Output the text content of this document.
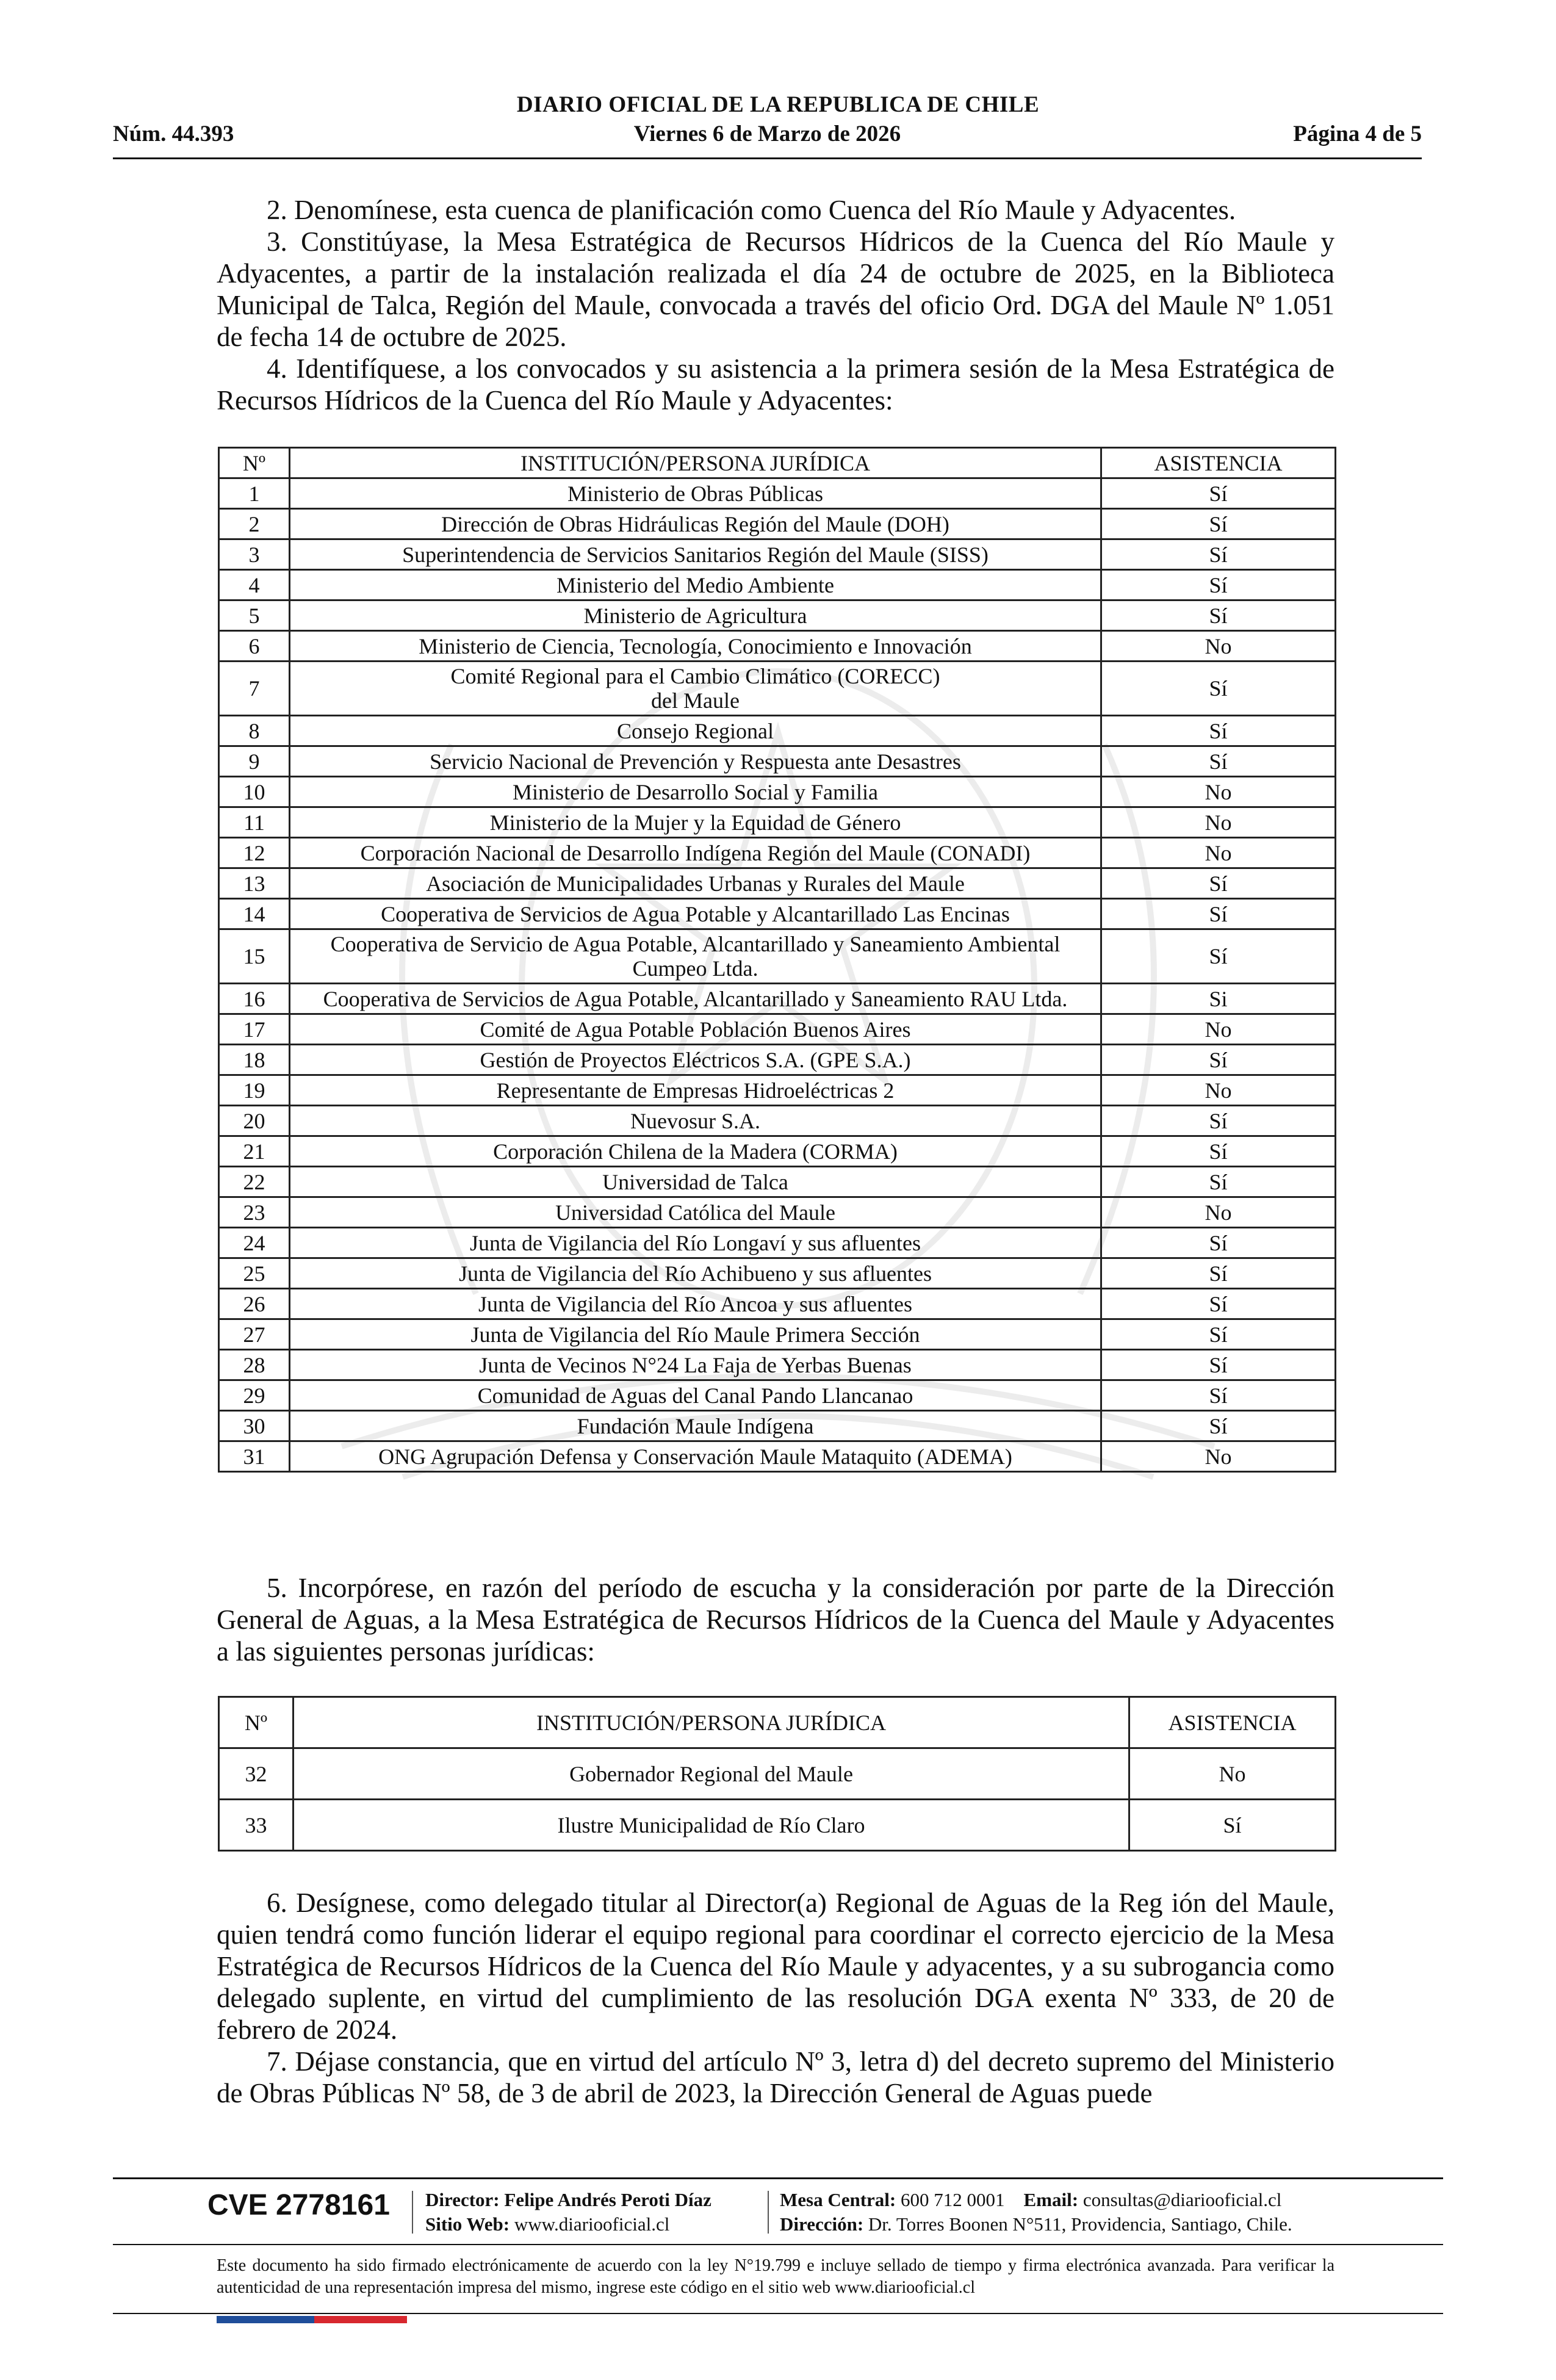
DIARIO OFICIAL DE LA REPUBLICA DE CHILE
Núm. 44.393	Viernes 6 de Marzo de 2026	Página 4 de 5

2. Denomínese, esta cuenca de planificación como Cuenca del Río Maule y Adyacentes.

3. Constitúyase, la Mesa Estratégica de Recursos Hídricos de la Cuenca del Río Maule y Adyacentes, a partir de la instalación realizada el día 24 de octubre de 2025, en la Biblioteca Municipal de Talca, Región del Maule, convocada a través del oficio Ord. DGA del Maule Nº 1.051 de fecha 14 de octubre de 2025.

4. Identifíquese, a los convocados y su asistencia a la primera sesión de la Mesa Estratégica de Recursos Hídricos de la Cuenca del Río Maule y Adyacentes:

Nº	INSTITUCIÓN/PERSONA JURÍDICA	ASISTENCIA
1	Ministerio de Obras Públicas	Sí
2	Dirección de Obras Hidráulicas Región del Maule (DOH)	Sí
3	Superintendencia de Servicios Sanitarios Región del Maule (SISS)	Sí
4	Ministerio del Medio Ambiente	Sí
5	Ministerio de Agricultura	Sí
6	Ministerio de Ciencia, Tecnología, Conocimiento e Innovación	No
7	Comité Regional para el Cambio Climático (CORECC)
del Maule	Sí
8	Consejo Regional	Sí
9	Servicio Nacional de Prevención y Respuesta ante Desastres	Sí
10	Ministerio de Desarrollo Social y Familia	No
11	Ministerio de la Mujer y la Equidad de Género	No
12	Corporación Nacional de Desarrollo Indígena Región del Maule (CONADI)	No
13	Asociación de Municipalidades Urbanas y Rurales del Maule	Sí
14	Cooperativa de Servicios de Agua Potable y Alcantarillado Las Encinas	Sí
15	Cooperativa de Servicio de Agua Potable, Alcantarillado y Saneamiento Ambiental
Cumpeo Ltda.	Sí
16	Cooperativa de Servicios de Agua Potable, Alcantarillado y Saneamiento RAU Ltda.	Si
17	Comité de Agua Potable Población Buenos Aires	No
18	Gestión de Proyectos Eléctricos S.A. (GPE S.A.)	Sí
19	Representante de Empresas Hidroeléctricas 2	No
20	Nuevosur S.A.	Sí
21	Corporación Chilena de la Madera (CORMA)	Sí
22	Universidad de Talca	Sí
23	Universidad Católica del Maule	No
24	Junta de Vigilancia del Río Longaví y sus afluentes	Sí
25	Junta de Vigilancia del Río Achibueno y sus afluentes	Sí
26	Junta de Vigilancia del Río Ancoa y sus afluentes	Sí
27	Junta de Vigilancia del Río Maule Primera Sección	Sí
28	Junta de Vecinos N°24 La Faja de Yerbas Buenas	Sí
29	Comunidad de Aguas del Canal Pando Llancanao	Sí
30	Fundación Maule Indígena	Sí
31	ONG Agrupación Defensa y Conservación Maule Mataquito (ADEMA)	No

5. Incorpórese, en razón del período de escucha y la consideración por parte de la Dirección General de Aguas, a la Mesa Estratégica de Recursos Hídricos de la Cuenca del Maule y Adyacentes a las siguientes personas jurídicas:

Nº	INSTITUCIÓN/PERSONA JURÍDICA	ASISTENCIA
32	Gobernador Regional del Maule	No
33	Ilustre Municipalidad de Río Claro	Sí

6. Desígnese, como delegado titular al Director(a) Regional de Aguas de la Reg ión del Maule, quien tendrá como función liderar el equipo regional para coordinar el correcto ejercicio de la Mesa Estratégica de Recursos Hídricos de la Cuenca del Río Maule y adyacentes, y a su subrogancia como delegado suplente, en virtud del cumplimiento de las resolución DGA exenta Nº 333, de 20 de febrero de 2024.

7. Déjase constancia, que en virtud del artículo Nº 3, letra d) del decreto supremo del Ministerio de Obras Públicas Nº 58, de 3 de abril de 2023, la Dirección General de Aguas puede

CVE 2778161 Director: Felipe Andrés Peroti Díaz
Sitio Web: www.diariooficial.cl
Mesa Central: 600 712 0001 Email: consultas@diariooficial.cl
Dirección: Dr. Torres Boonen N°511, Providencia, Santiago, Chile.

Este documento ha sido firmado electrónicamente de acuerdo con la ley N°19.799 e incluye sellado de tiempo y firma electrónica avanzada. Para verificar la autenticidad de una representación impresa del mismo, ingrese este código en el sitio web www.diariooficial.cl
